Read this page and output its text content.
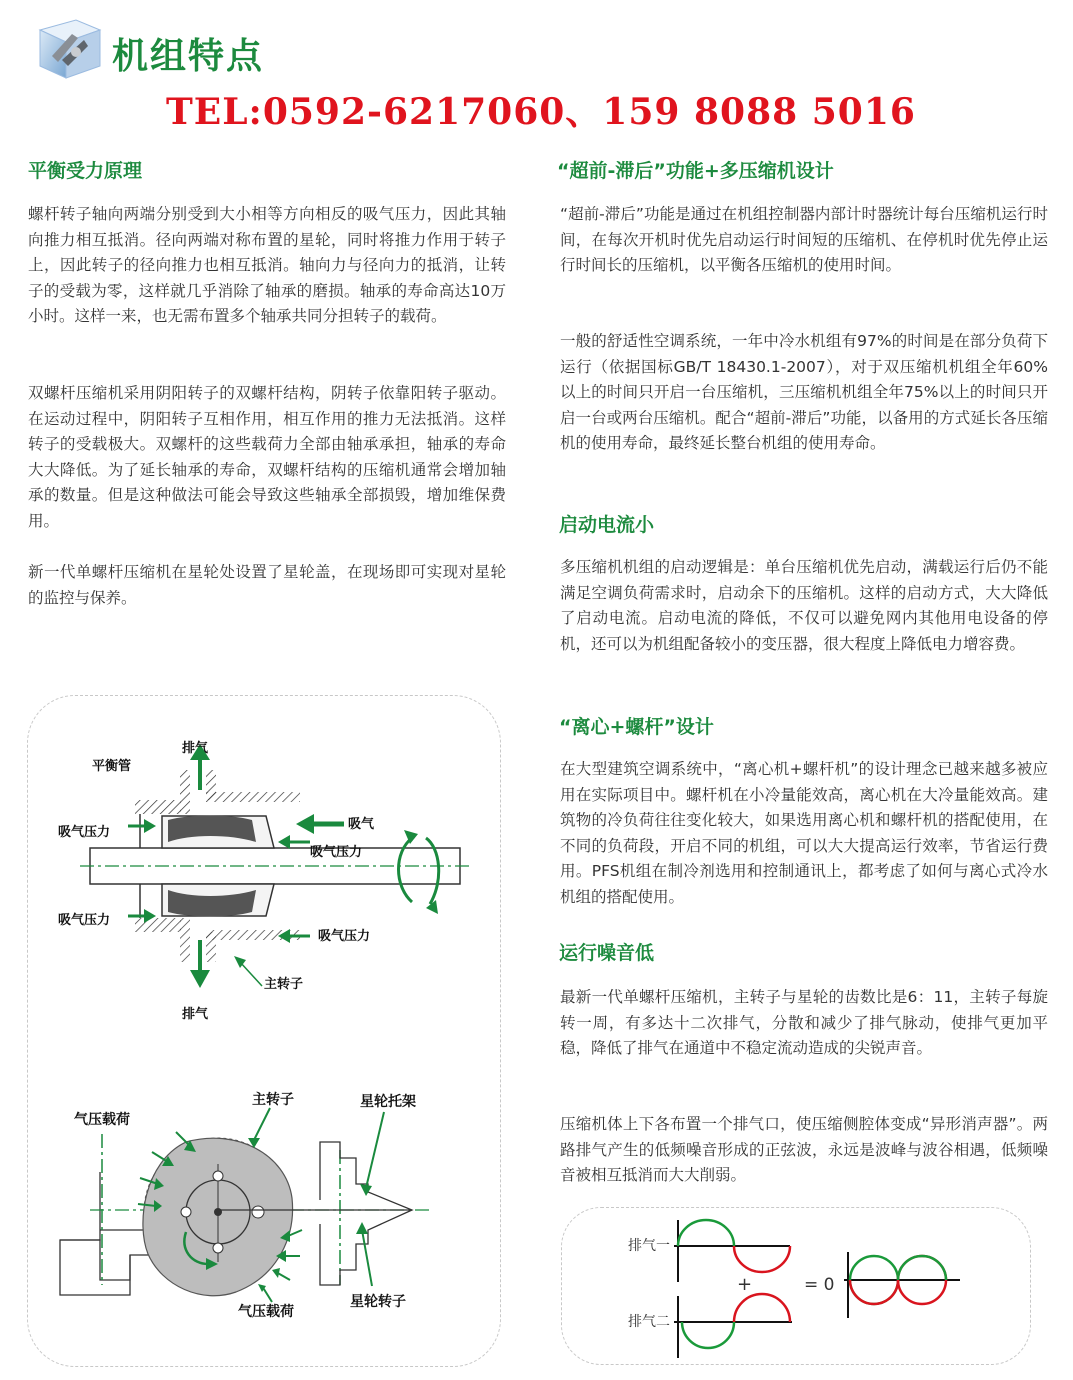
机组特点
TEL:0592-6217060、159 8088 5016
平衡受力原理
螺杆转子轴向两端分别受到大小相等方向相反的吸气压力，因此其轴向推力相互抵消。径向两端对称布置的星轮，同时将推力作用于转子上，因此转子的径向推力也相互抵消。轴向力与径向力的抵消，让转子的受载为零，这样就几乎消除了轴承的磨损。轴承的寿命高达10万小时。这样一来，也无需布置多个轴承共同分担转子的载荷。
双螺杆压缩机采用阴阳转子的双螺杆结构，阴转子依靠阳转子驱动。在运动过程中，阴阳转子互相作用，相互作用的推力无法抵消。这样转子的受载极大。双螺杆的这些载荷力全部由轴承承担，轴承的寿命大大降低。为了延长轴承的寿命，双螺杆结构的压缩机通常会增加轴承的数量。但是这种做法可能会导致这些轴承全部损毁，增加维保费用。
新一代单螺杆压缩机在星轮处设置了星轮盖，在现场即可实现对星轮的监控与保养。
排气
平衡管
吸气
吸气压力
吸气压力
吸气压力
吸气压力
主转子
排气
气压载荷
主转子	星轮托架
气压载荷
星轮转子
“超前-滞后”功能+多压缩机设计
“超前-滞后”功能是通过在机组控制器内部计时器统计每台压缩机运行时间，在每次开机时优先启动运行时间短的压缩机、在停机时优先停止运行时间长的压缩机，以平衡各压缩机的使用时间。
一般的舒适性空调系统，一年中冷水机组有97%的时间是在部分负荷下运行（依据国标GB/T 18430.1-2007），对于双压缩机机组全年60%以上的时间只开启一台压缩机，三压缩机机组全年75%以上的时间只开启一台或两台压缩机。配合“超前-滞后”功能，以备用的方式延长各压缩机的使用寿命，最终延长整台机组的使用寿命。
启动电流小
多压缩机机组的启动逻辑是：单台压缩机优先启动，满载运行后仍不能满足空调负荷需求时，启动余下的压缩机。这样的启动方式，大大降低了启动电流。启动电流的降低，不仅可以避免网内其他用电设备的停机，还可以为机组配备较小的变压器，很大程度上降低电力增容费。
“离心+螺杆”设计
在大型建筑空调系统中，“离心机+螺杆机”的设计理念已越来越多被应用在实际项目中。螺杆机在小冷量能效高，离心机在大冷量能效高。建筑物的冷负荷往往变化较大，如果选用离心机和螺杆机的搭配使用，在不同的负荷段，开启不同的机组，可以大大提高运行效率，节省运行费用。PFS机组在制冷剂选用和控制通讯上，都考虑了如何与离心式冷水机组的搭配使用。
运行噪音低
最新一代单螺杆压缩机，主转子与星轮的齿数比是6：11，主转子每旋转一周，有多达十二次排气，分散和减少了排气脉动，使排气更加平稳，降低了排气在通道中不稳定流动造成的尖锐声音。
压缩机体上下各布置一个排气口，使压缩侧腔体变成“异形消声器”。两路排气产生的低频噪音形成的正弦波，永远是波峰与波谷相遇，低频噪音被相互抵消而大大削弱。
排气一
排气二
+	= 0
